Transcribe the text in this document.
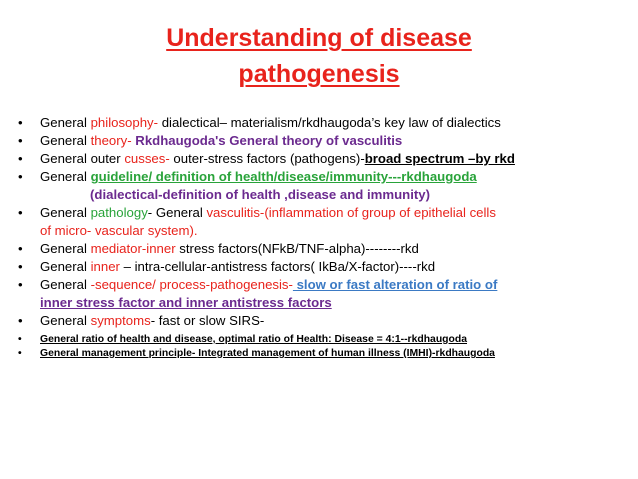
Understanding of disease
pathogenesis
• General philosophy- dialectical– materialism/rkdhaugoda’s key law of dialectics
• General theory- Rkdhaugoda's General theory of vasculitis
• General outer cusses- outer-stress factors (pathogens)-broad spectrum –by rkd
• General guideline/ definition of health/disease/immunity---rkdhaugoda
(dialectical-definition of health ,disease and immunity)
• General pathology- General vasculitis-(inflammation of group of epithelial cells
of micro- vascular system).
• General mediator-inner stress factors(NFkB/TNF-alpha)--------rkd
• General inner – intra-cellular-antistress factors( IkBa/X-factor)----rkd
• General -sequence/ process-pathogenesis- slow or fast alteration of ratio of
inner stress factor and inner antistress factors
• General symptoms- fast or slow SIRS-
• General ratio of health and disease, optimal ratio of Health: Disease = 4:1--rkdhaugoda
• General management principle- Integrated management of human illness (IMHI)-rkdhaugoda
